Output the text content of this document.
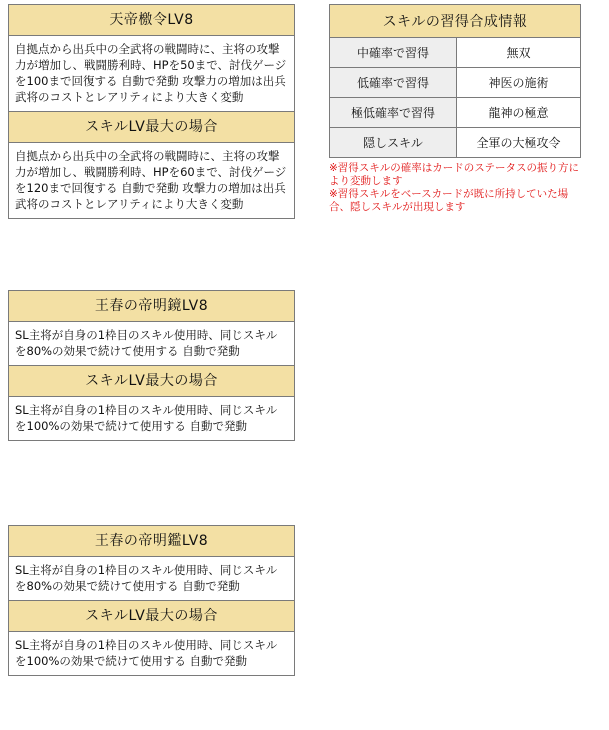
天帝檄令LV8
自拠点から出兵中の全武将の戦闘時に、主将の攻撃力が増加し、戦闘勝利時、HPを50まで、討伐ゲージを100まで回復する 自動で発動 攻撃力の増加は出兵武将のコストとレアリティにより大きく変動
スキルLV最大の場合
自拠点から出兵中の全武将の戦闘時に、主将の攻撃力が増加し、戦闘勝利時、HPを60まで、討伐ゲージを120まで回復する 自動で発動 攻撃力の増加は出兵武将のコストとレアリティにより大きく変動
王春の帝明鏡LV8
SL主将が自身の1枠目のスキル使用時、同じスキルを80%の効果で続けて使用する 自動で発動
スキルLV最大の場合
SL主将が自身の1枠目のスキル使用時、同じスキルを100%の効果で続けて使用する 自動で発動
王春の帝明鑑LV8
SL主将が自身の1枠目のスキル使用時、同じスキルを80%の効果で続けて使用する 自動で発動
スキルLV最大の場合
SL主将が自身の1枠目のスキル使用時、同じスキルを100%の効果で続けて使用する 自動で発動
スキルの習得合成情報	
中確率で習得	無双
低確率で習得	神医の施術
極低確率で習得	龍神の極意
隠しスキル	全軍の大極攻令

※習得スキルの確率はカードのステータスの振り方により変動します

※習得スキルをベースカードが既に所持していた場合、隠しスキルが出現します
